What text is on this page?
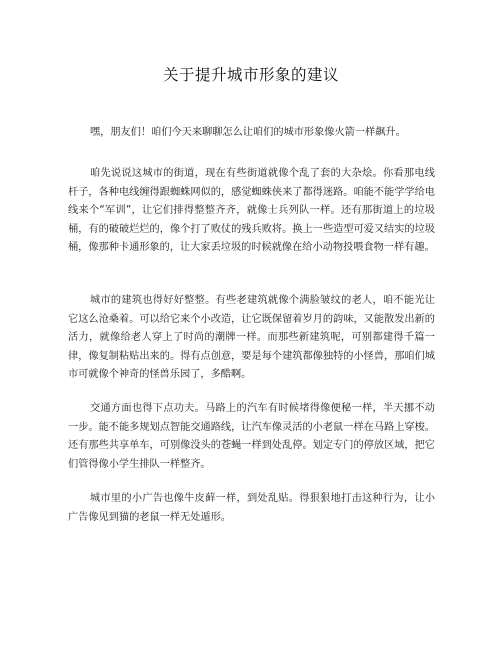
关于提升城市形象的建议

嘿，朋友们！咱们今天来聊聊怎么让咱们的城市形象像火箭一样飙升。

咱先说说这城市的街道，现在有些街道就像个乱了套的大杂烩。你看那电线杆子，各种电线缠得跟蜘蛛网似的，感觉蜘蛛侠来了都得迷路。咱能不能学学给电线来个“军训”，让它们排得整整齐齐，就像士兵列队一样。还有那街道上的垃圾桶，有的破破烂烂的，像个打了败仗的残兵败将。换上一些造型可爱又结实的垃圾桶，像那种卡通形象的，让大家丢垃圾的时候就像在给小动物投喂食物一样有趣。

城市的建筑也得好好整整。有些老建筑就像个满脸皱纹的老人，咱不能光让它这么沧桑着。可以给它来个小改造，让它既保留着岁月的韵味，又能散发出新的活力，就像给老人穿上了时尚的潮牌一样。而那些新建筑呢，可别都建得千篇一律，像复制粘贴出来的。得有点创意，要是每个建筑都像独特的小怪兽，那咱们城市可就像个神奇的怪兽乐园了，多酷啊。

交通方面也得下点功夫。马路上的汽车有时候堵得像便秘一样，半天挪不动一步。能不能多规划点智能交通路线，让汽车像灵活的小老鼠一样在马路上穿梭。还有那些共享单车，可别像没头的苍蝇一样到处乱停。划定专门的停放区域，把它们管得像小学生排队一样整齐。

城市里的小广告也像牛皮藓一样，到处乱贴。得狠狠地打击这种行为，让小广告像见到猫的老鼠一样无处遁形。
